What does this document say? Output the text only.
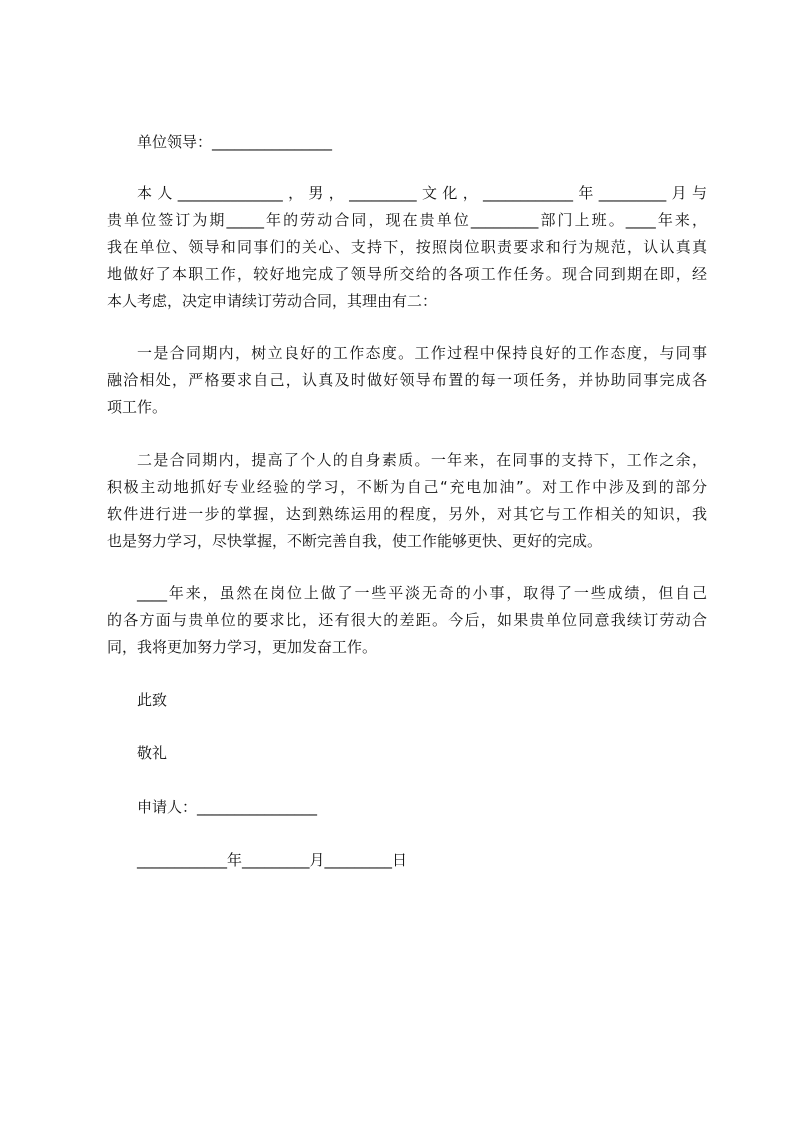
单位领导：________________
本人______________，男，_________文化，____________年_________月与
贵单位签订为期_____年的劳动合同，现在贵单位_________部门上班。____年来，
我在单位、领导和同事们的关心、支持下，按照岗位职责要求和行为规范，认认真真
地做好了本职工作，较好地完成了领导所交给的各项工作任务。现合同到期在即，经
本人考虑，决定申请续订劳动合同，其理由有二：
一是合同期内，树立良好的工作态度。工作过程中保持良好的工作态度，与同事
融洽相处，严格要求自己，认真及时做好领导布置的每一项任务，并协助同事完成各
项工作。
二是合同期内，提高了个人的自身素质。一年来，在同事的支持下，工作之余，
积极主动地抓好专业经验的学习，不断为自己“充电加油”。对工作中涉及到的部分
软件进行进一步的掌握，达到熟练运用的程度，另外，对其它与工作相关的知识，我
也是努力学习，尽快掌握，不断完善自我，使工作能够更快、更好的完成。
____年来，虽然在岗位上做了一些平淡无奇的小事，取得了一些成绩，但自己
的各方面与贵单位的要求比，还有很大的差距。今后，如果贵单位同意我续订劳动合
同，我将更加努力学习，更加发奋工作。
此致
敬礼
申请人：________________
____________年_________月_________日
